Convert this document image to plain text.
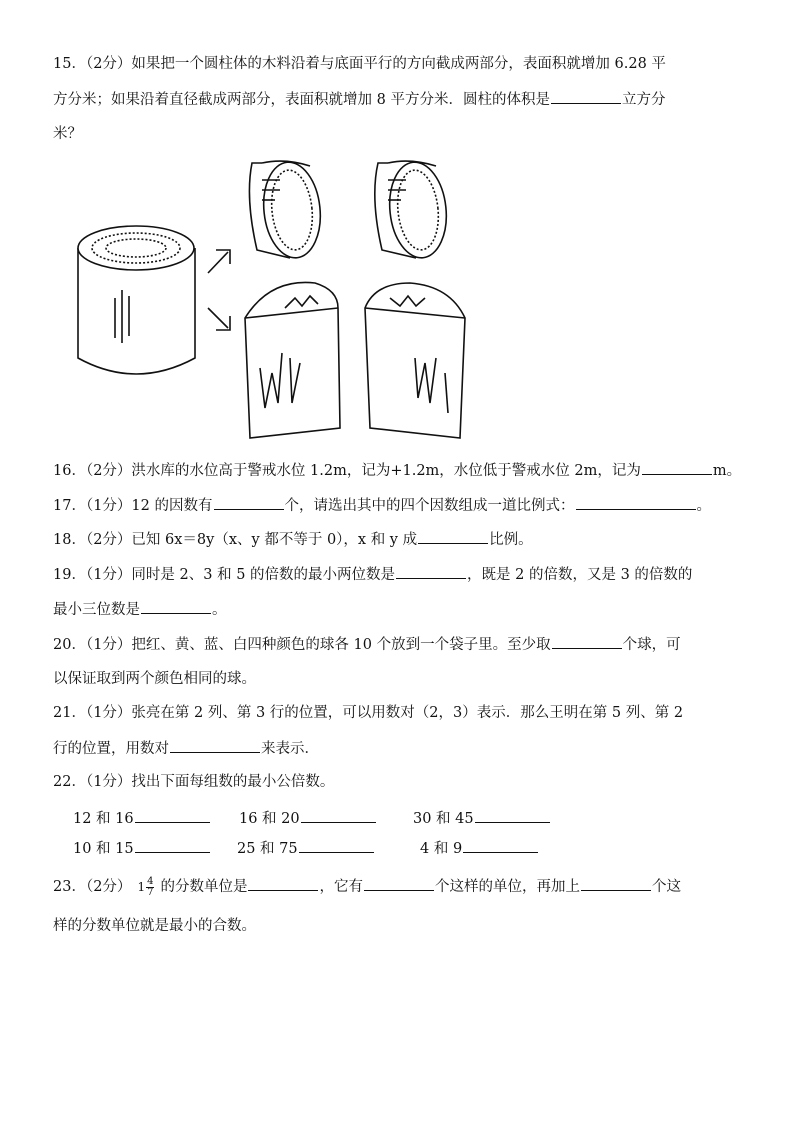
15．（2分）如果把一个圆柱体的木料沿着与底面平行的方向截成两部分，表面积就增加 6.28 平
方分米；如果沿着直径截成两部分，表面积就增加 8 平方分米．圆柱的体积是	立方分
米？
16．（2分）洪水库的水位高于警戒水位 1.2m，记为+1.2m，水位低于警戒水位 2m，记为	m。
17．（1分）12 的因数有	个，请选出其中的四个因数组成一道比例式：	。
18．（2分）已知 6x＝8y（x、y 都不等于 0），x 和 y 成	比例。
19．（1分）同时是 2、3 和 5 的倍数的最小两位数是	，既是 2 的倍数，又是 3 的倍数的
最小三位数是	。
20．（1分）把红、黄、蓝、白四种颜色的球各 10 个放到一个袋子里。至少取	个球，可
以保证取到两个颜色相同的球。
21．（1分）张亮在第 2 列、第 3 行的位置，可以用数对（2，3）表示．那么王明在第 5 列、第 2
行的位置，用数对	来表示．
22．（1分）找出下面每组数的最小公倍数。
12 和 16	16 和 20	30 和 45
10 和 15	25 和 75	4 和 9
23．（2分） $1 \frac{4}{7}$ 的分数单位是	，它有	个这样的单位，再加上	个这
样的分数单位就是最小的合数。
